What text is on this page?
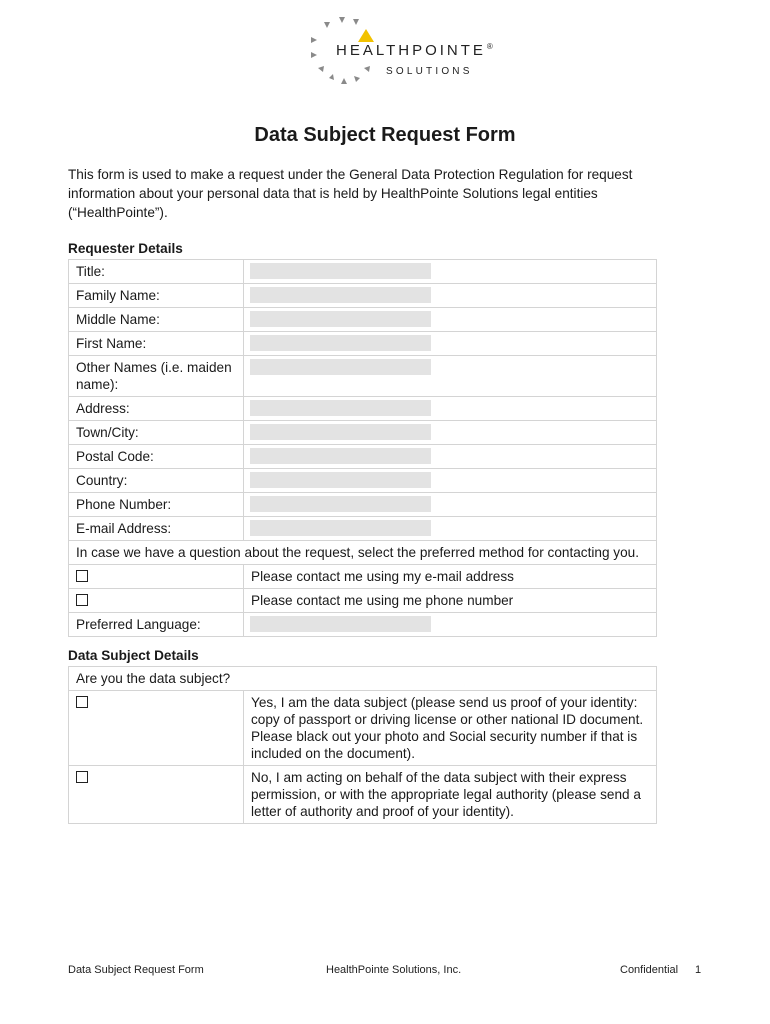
HEALTHPOINTE®
SOLUTIONS
Data Subject Request Form

This form is used to make a request under the General Data Protection Regulation for request information about your personal data that is held by HealthPointe Solutions legal entities (“HealthPointe”).

Requester Details
Title:	

Family Name:	

Middle Name:	

First Name:	

Other Names (i.e. maiden name):	

Address:	

Town/City:	

Postal Code:	

Country:	

Phone Number:	

E-mail Address:	

In case we have a question about the request, select the preferred method for contacting you.	
	Please contact me using my e-mail address
	Please contact me using me phone number
Preferred Language:	
Data Subject Details
Are you the data subject?	
	Yes, I am the data subject (please send us proof of your identity: copy of passport or driving license or other national ID document. Please black out your photo and Social security number if that is included on the document).
	No, I am acting on behalf of the data subject with their express permission, or with the appropriate legal authority (please send a letter of authority and proof of your identity).
Data Subject Request Form	HealthPointe Solutions, Inc.	Confidential 1
